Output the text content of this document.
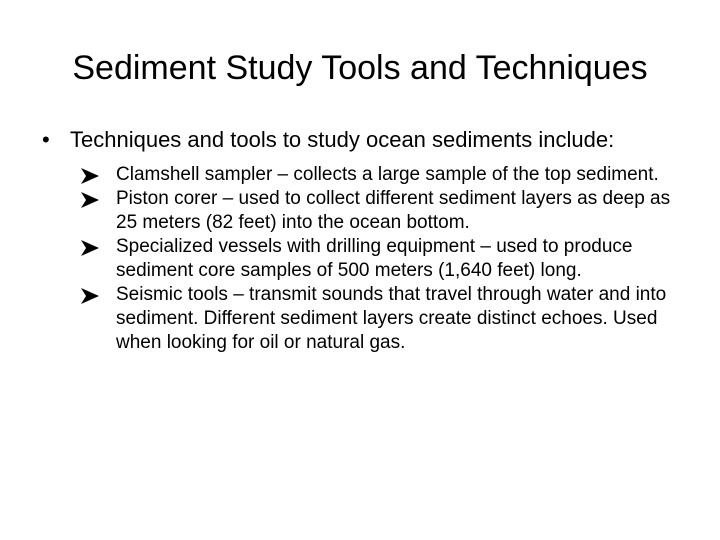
Sediment Study Tools and Techniques
• Techniques and tools to study ocean sediments include:
Clamshell sampler – collects a large sample of the top sediment.
Piston corer – used to collect different sediment layers as deep as 25 meters (82 feet) into the ocean bottom.
Specialized vessels with drilling equipment – used to produce sediment core samples of 500 meters (1,640 feet) long.
Seismic tools – transmit sounds that travel through water and into sediment. Different sediment layers create distinct echoes. Used when looking for oil or natural gas.
